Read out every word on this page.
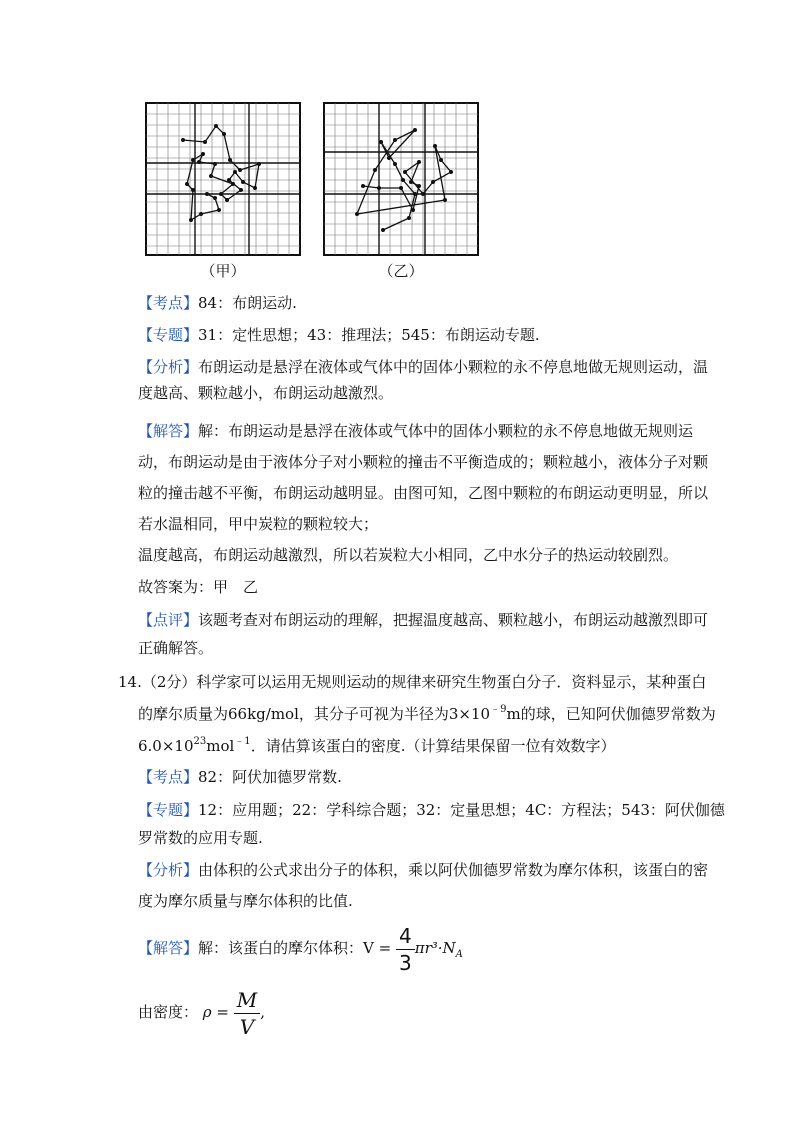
（甲）	（乙）
【考点】84：布朗运动.
【专题】31：定性思想；43：推理法；545：布朗运动专题.
【分析】布朗运动是悬浮在液体或气体中的固体小颗粒的永不停息地做无规则运动，温
度越高、颗粒越小，布朗运动越激烈。
【解答】解：布朗运动是悬浮在液体或气体中的固体小颗粒的永不停息地做无规则运
动，布朗运动是由于液体分子对小颗粒的撞击不平衡造成的；颗粒越小，液体分子对颗
粒的撞击越不平衡，布朗运动越明显。由图可知，乙图中颗粒的布朗运动更明显，所以
若水温相同，甲中炭粒的颗粒较大；
温度越高，布朗运动越激烈，所以若炭粒大小相同，乙中水分子的热运动较剧烈。
故答案为：甲　乙
【点评】该题考查对布朗运动的理解，把握温度越高、颗粒越小，布朗运动越激烈即可
正确解答。
14.（2分）科学家可以运用无规则运动的规律来研究生物蛋白分子．资料显示，某种蛋白
的摩尔质量为66kg/mol，其分子可视为半径为$3\times 10^{﹣9}m$的球，已知阿伏伽德罗常数为
$6.0\times 10^{23}mol^{﹣1}$．请估算该蛋白的密度.（计算结果保留一位有效数字）
【考点】82：阿伏加德罗常数.
【专题】12：应用题；22：学科综合题；32：定量思想；4C：方程法；543：阿伏伽德
罗常数的应用专题.
【分析】由体积的公式求出分子的体积，乘以阿伏伽德罗常数为摩尔体积，该蛋白的密
度为摩尔质量与摩尔体积的比值.
【解答】解：该蛋白的摩尔体积：$V = \frac{4}{3} \pi r^3\cdot N_A$
由密度： $\rho = \frac{M}{V}$ ,
